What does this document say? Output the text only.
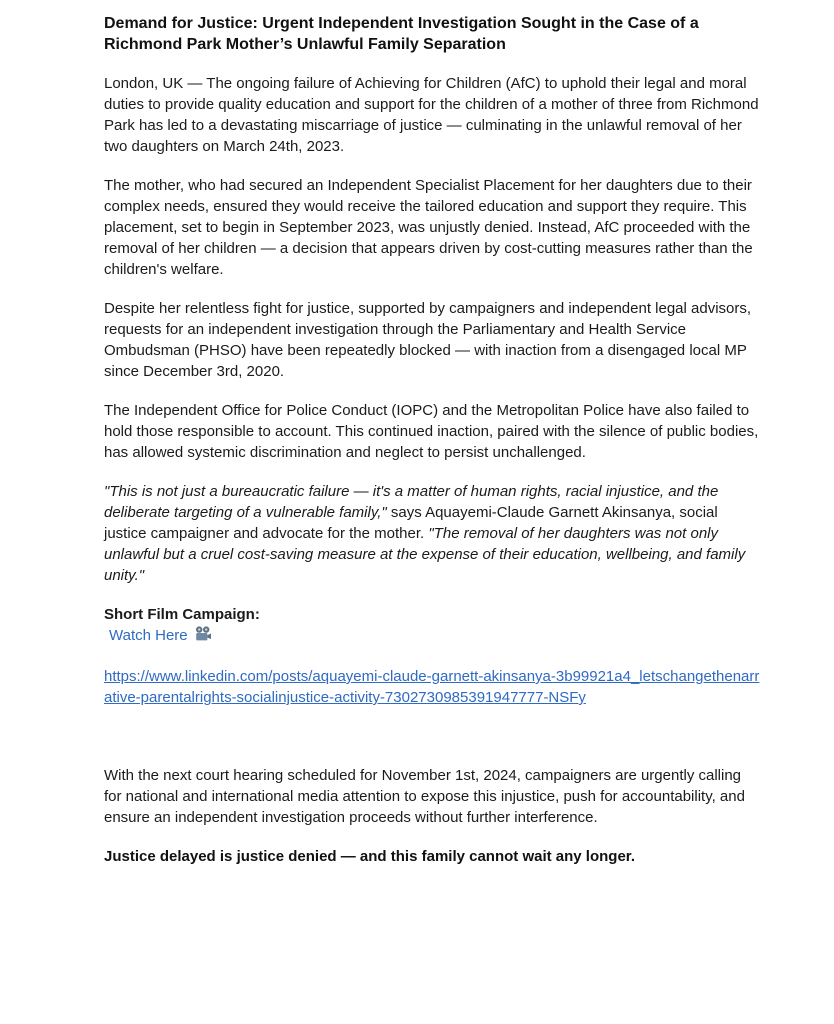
Demand for Justice: Urgent Independent Investigation Sought in the Case of a Richmond Park Mother’s Unlawful Family Separation

London, UK — The ongoing failure of Achieving for Children (AfC) to uphold their legal and moral duties to provide quality education and support for the children of a mother of three from Richmond Park has led to a devastating miscarriage of justice — culminating in the unlawful removal of her two daughters on March 24th, 2023.

The mother, who had secured an Independent Specialist Placement for her daughters due to their complex needs, ensured they would receive the tailored education and support they require. This placement, set to begin in September 2023, was unjustly denied. Instead, AfC proceeded with the removal of her children — a decision that appears driven by cost-cutting measures rather than the children's welfare.

Despite her relentless fight for justice, supported by campaigners and independent legal advisors, requests for an independent investigation through the Parliamentary and Health Service Ombudsman (PHSO) have been repeatedly blocked — with inaction from a disengaged local MP since December 3rd, 2020.

The Independent Office for Police Conduct (IOPC) and the Metropolitan Police have also failed to hold those responsible to account. This continued inaction, paired with the silence of public bodies, has allowed systemic discrimination and neglect to persist unchallenged.

"This is not just a bureaucratic failure — it's a matter of human rights, racial injustice, and the deliberate targeting of a vulnerable family," says Aquayemi-Claude Garnett Akinsanya, social justice campaigner and advocate for the mother. "The removal of her daughters was not only unlawful but a cruel cost-saving measure at the expense of their education, wellbeing, and family unity."

Short Film Campaign:

Watch Here

https://www.linkedin.com/posts/aquayemi-claude-garnett-akinsanya-3b99921a4_letschangethenarrative-parentalrights-socialinjustice-activity-7302730985391947777-NSFy

With the next court hearing scheduled for November 1st, 2024, campaigners are urgently calling for national and international media attention to expose this injustice, push for accountability, and ensure an independent investigation proceeds without further interference.

Justice delayed is justice denied — and this family cannot wait any longer.
